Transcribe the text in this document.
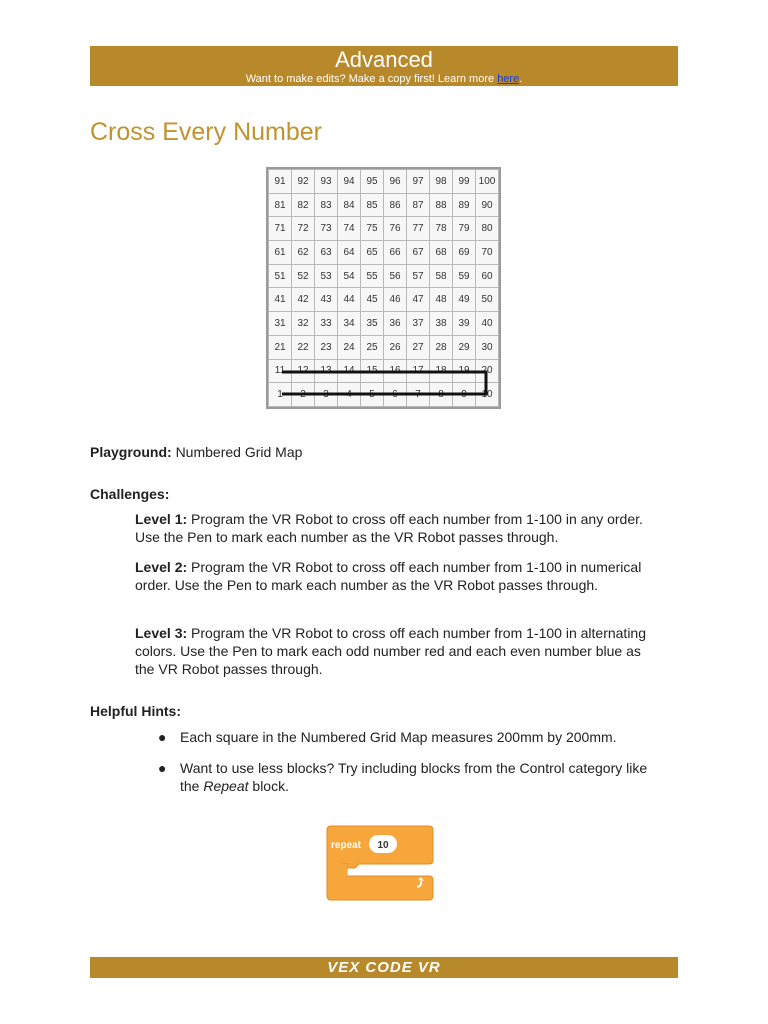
Advanced
Want to make edits? Make a copy first! Learn more here.
Cross Every Number
91	92	93	94	95	96	97	98	99	100
81	82	83	84	85	86	87	88	89	90
71	72	73	74	75	76	77	78	79	80
61	62	63	64	65	66	67	68	69	70
51	52	53	54	55	56	57	58	59	60
41	42	43	44	45	46	47	48	49	50
31	32	33	34	35	36	37	38	39	40
21	22	23	24	25	26	27	28	29	30
11	12	13	14	15	16	17	18	19	20
1	2	3	4	5	6	7	8	9	10
Playground: Numbered Grid Map
Challenges:
Level 1: Program the VR Robot to cross off each number from 1-100 in any order. Use the Pen to mark each number as the VR Robot passes through.
Level 2: Program the VR Robot to cross off each number from 1-100 in numerical order. Use the Pen to mark each number as the VR Robot passes through.
Level 3: Program the VR Robot to cross off each number from 1-100 in alternating colors. Use the Pen to mark each odd number red and each even number blue as the VR Robot passes through.
Helpful Hints:
● Each square in the Numbered Grid Map measures 200mm by 200mm.
● Want to use less blocks? Try including blocks from the Control category like the Repeat block.
repeat 10
VEX CODE VR
